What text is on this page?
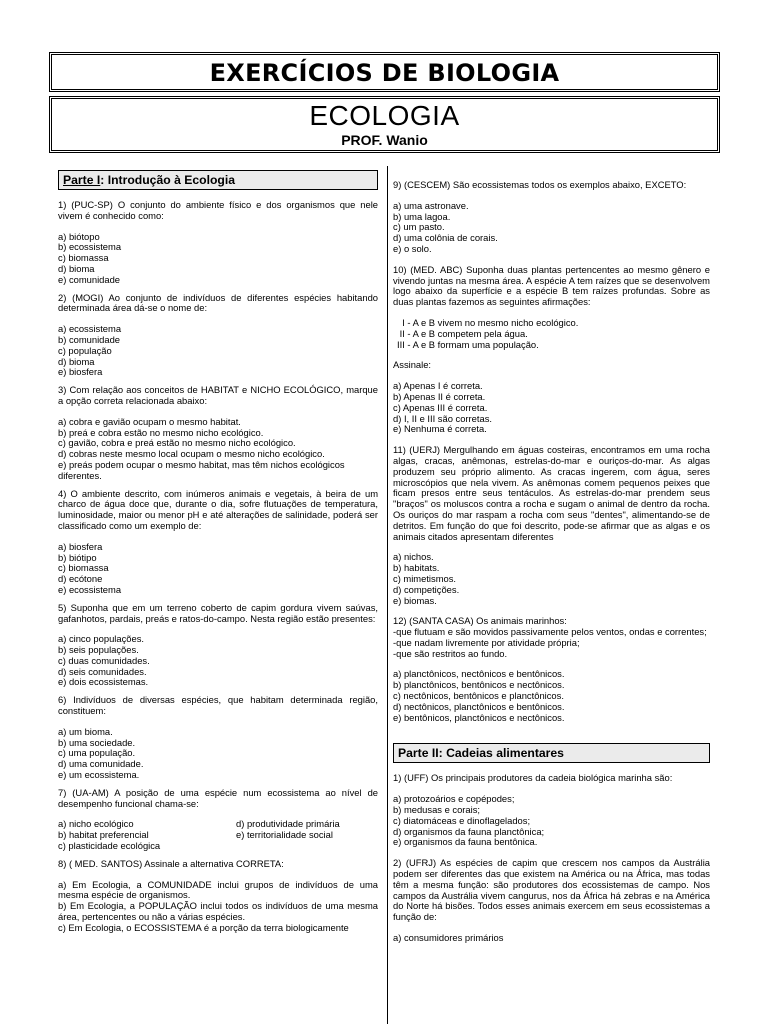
EXERCÍCIOS DE BIOLOGIA
ECOLOGIA
PROF. Wanio
Parte I: Introdução à Ecologia
1) (PUC-SP) O conjunto do ambiente físico e dos organismos que nele vivem é conhecido como:
a) biótopo
b) ecossistema
c) biomassa
d) bioma
e) comunidade
2) (MOGI) Ao conjunto de indivíduos de diferentes espécies habitando determinada área dá-se o nome de:
a) ecossistema
b) comunidade
c) população
d) bioma
e) biosfera
3) Com relação aos conceitos de HABITAT e NICHO ECOLÓGICO, marque a opção correta relacionada abaixo:
a) cobra e gavião ocupam o mesmo habitat.
b) preá e cobra estão no mesmo nicho ecológico.
c) gavião, cobra e preá estão no mesmo nicho ecológico.
d) cobras neste mesmo local ocupam o mesmo nicho ecológico.
e) preás podem ocupar o mesmo habitat, mas têm nichos ecológicos diferentes.
4) O ambiente descrito, com inúmeros animais e vegetais, à beira de um charco de água doce que, durante o dia, sofre flutuações de temperatura, luminosidade, maior ou menor pH e até alterações de salinidade, poderá ser classificado como um exemplo de:
a) biosfera
b) biótipo
c) biomassa
d) ecótone
e) ecossistema
5) Suponha que em um terreno coberto de capim gordura vivem saúvas, gafanhotos, pardais, preás e ratos-do-campo. Nesta região estão presentes:
a) cinco populações.
b) seis populações.
c) duas comunidades.
d) seis comunidades.
e) dois ecossistemas.
6) Indivíduos de diversas espécies, que habitam determinada região, constituem:
a) um bioma.
b) uma sociedade.
c) uma população.
d) uma comunidade.
e) um ecossistema.
7) (UA-AM) A posição de uma espécie num ecossistema ao nível de desempenho funcional chama-se:
a) nicho ecológico	d) produtividade primária
b) habitat preferencial	e) territorialidade social
c) plasticidade ecológica
8) ( MED. SANTOS) Assinale a alternativa CORRETA:
a) Em Ecologia, a COMUNIDADE inclui grupos de indivíduos de uma mesma espécie de organismos.
b) Em Ecologia, a POPULAÇÃO inclui todos os indivíduos de uma mesma área, pertencentes ou não a várias espécies.
c) Em Ecologia, o ECOSSISTEMA é a porção da terra biologicamente
9) (CESCEM) São ecossistemas todos os exemplos abaixo, EXCETO:
a) uma astronave.
b) uma lagoa.
c) um pasto.
d) uma colônia de corais.
e) o solo.
10) (MED. ABC) Suponha duas plantas pertencentes ao mesmo gênero e vivendo juntas na mesma área. A espécie A tem raízes que se desenvolvem logo abaixo da superfície e a espécie B tem raízes profundas. Sobre as duas plantas fazemos as seguintes afirmações:
I - A e B vivem no mesmo nicho ecológico.
II - A e B competem pela água.
III - A e B formam uma população.
Assinale:
a) Apenas I é correta.
b) Apenas II é correta.
c) Apenas III é correta.
d) I, II e III são corretas.
e) Nenhuma é correta.
11) (UERJ) Mergulhando em águas costeiras, encontramos em uma rocha algas, cracas, anêmonas, estrelas-do-mar e ouriços-do-mar. As algas produzem seu próprio alimento. As cracas ingerem, com água, seres microscópios que nela vivem. As anêmonas comem pequenos peixes que ficam presos entre seus tentáculos. As estrelas-do-mar prendem seus "braços" os moluscos contra a rocha e sugam o animal de dentro da rocha. Os ouriços do mar raspam a rocha com seus "dentes", alimentando-se de detritos. Em função do que foi descrito, pode-se afirmar que as algas e os animais citados apresentam diferentes
a) nichos.
b) habitats.
c) mimetismos.
d) competições.
e) biomas.
12) (SANTA CASA) Os animais marinhos:
-que flutuam e são movidos passivamente pelos ventos, ondas e correntes;
-que nadam livremente por atividade própria;
-que são restritos ao fundo.
a) planctônicos, nectônicos e bentônicos.
b) planctônicos, bentônicos e nectônicos.
c) nectônicos, bentônicos e planctônicos.
d) nectônicos, planctônicos e bentônicos.
e) bentônicos, planctônicos e nectônicos.
Parte II: Cadeias alimentares
1) (UFF) Os principais produtores da cadeia biológica marinha são:
a) protozoários e copépodes;
b) medusas e corais;
c) diatomáceas e dinoflagelados;
d) organismos da fauna planctônica;
e) organismos da fauna bentônica.
2) (UFRJ) As espécies de capim que crescem nos campos da Austrália podem ser diferentes das que existem na América ou na África, mas todas têm a mesma função: são produtores dos ecossistemas de campo. Nos campos da Austrália vivem cangurus, nos da África há zebras e na América do Norte há bisões. Todos esses animais exercem em seus ecossistemas a função de:
a) consumidores primários
